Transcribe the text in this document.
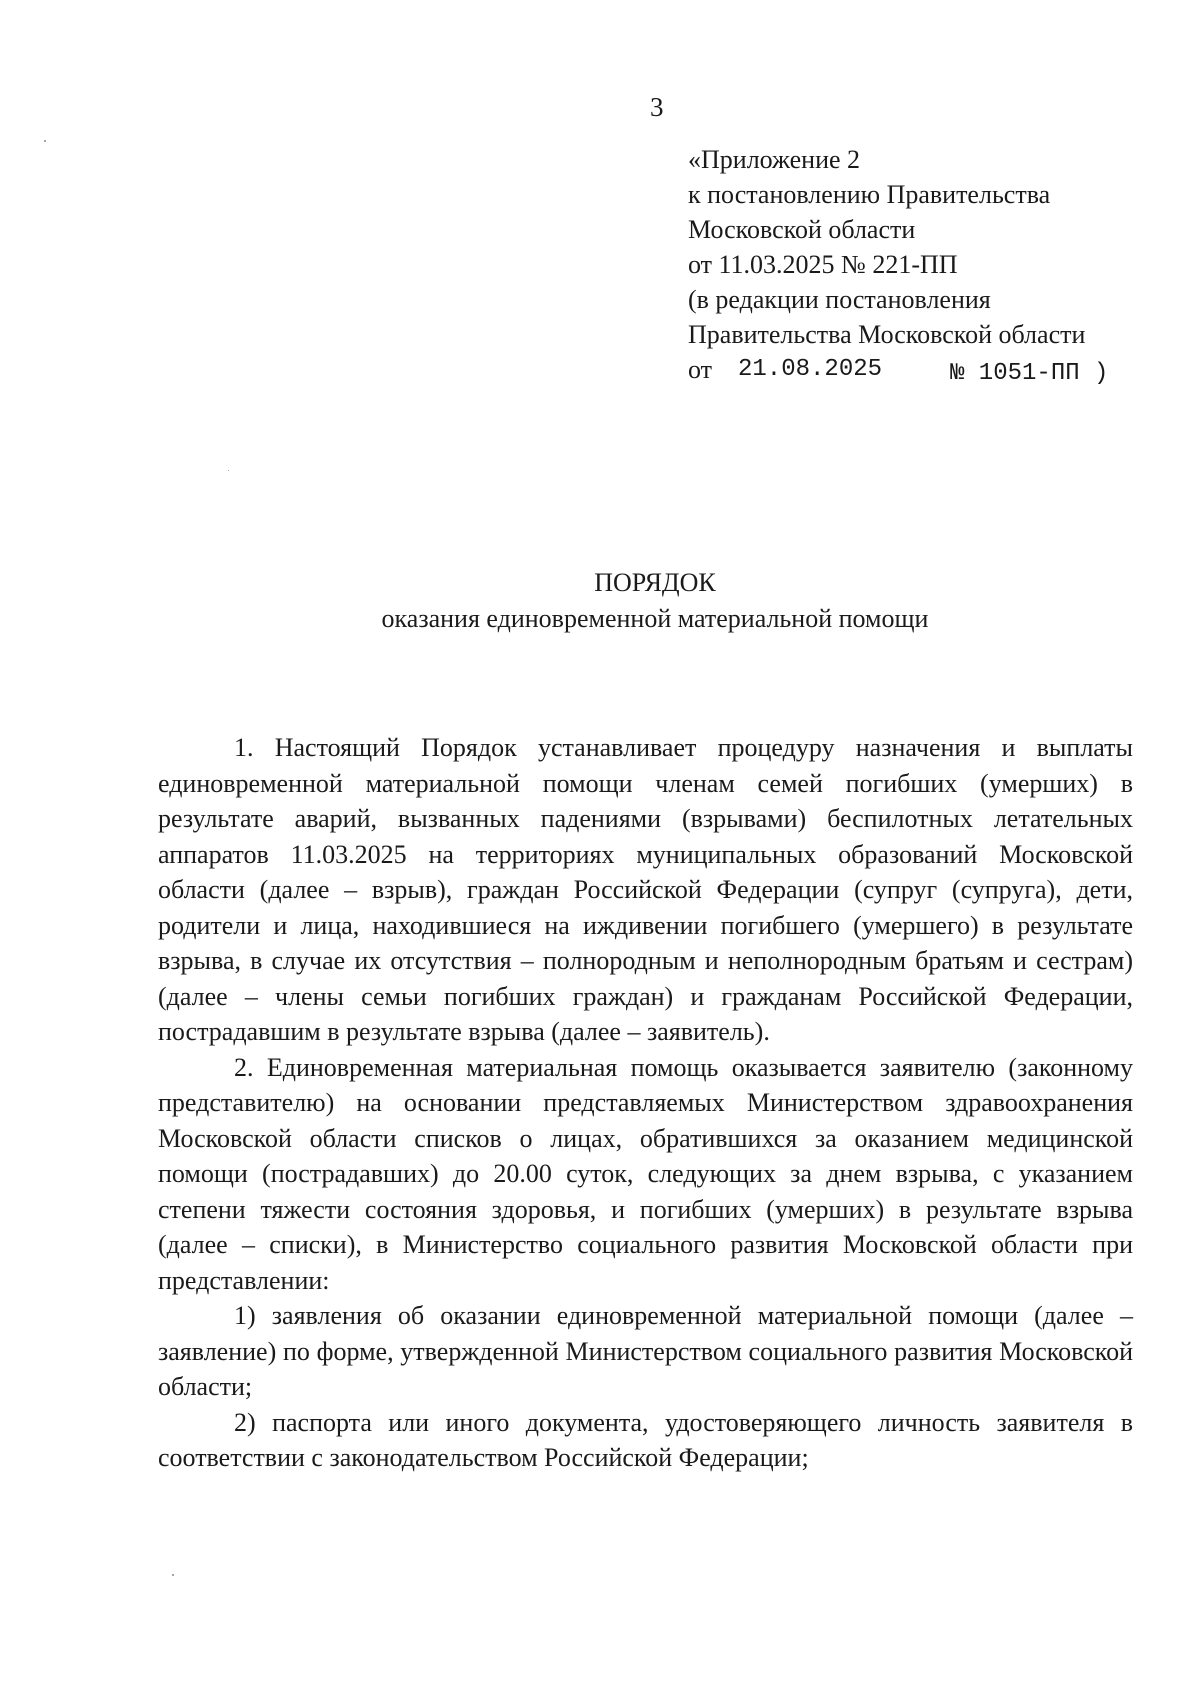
3
«Приложение 2
к постановлению Правительства
Московской области
от 11.03.2025 № 221-ПП
(в редакции постановления
Правительства Московской области
от 21.08.2025	№ 1051-ПП )
ПОРЯДОК
оказания единовременной материальной помощи

1. Настоящий Порядок устанавливает процедуру назначения и выплаты единовременной материальной помощи членам семей погибших (умерших) в результате аварий, вызванных падениями (взрывами) беспилотных летательных аппаратов 11.03.2025 на территориях муниципальных образований Московской области (далее – взрыв), граждан Российской Федерации (супруг (супруга), дети, родители и лица, находившиеся на иждивении погибшего (умершего) в результате взрыва, в случае их отсутствия – полнородным и неполнородным братьям и сестрам) (далее – члены семьи погибших граждан) и гражданам Российской Федерации, пострадавшим в результате взрыва (далее – заявитель).

2. Единовременная материальная помощь оказывается заявителю (законному представителю) на основании представляемых Министерством здравоохранения Московской области списков о лицах, обратившихся за оказанием медицинской помощи (пострадавших) до 20.00 суток, следующих за днем взрыва, с указанием степени тяжести состояния здоровья, и погибших (умерших) в результате взрыва (далее – списки), в Министерство социального развития Московской области при представлении:

1) заявления об оказании единовременной материальной помощи (далее – заявление) по форме, утвержденной Министерством социального развития Московской области;

2) паспорта или иного документа, удостоверяющего личность заявителя в соответствии с законодательством Российской Федерации;
